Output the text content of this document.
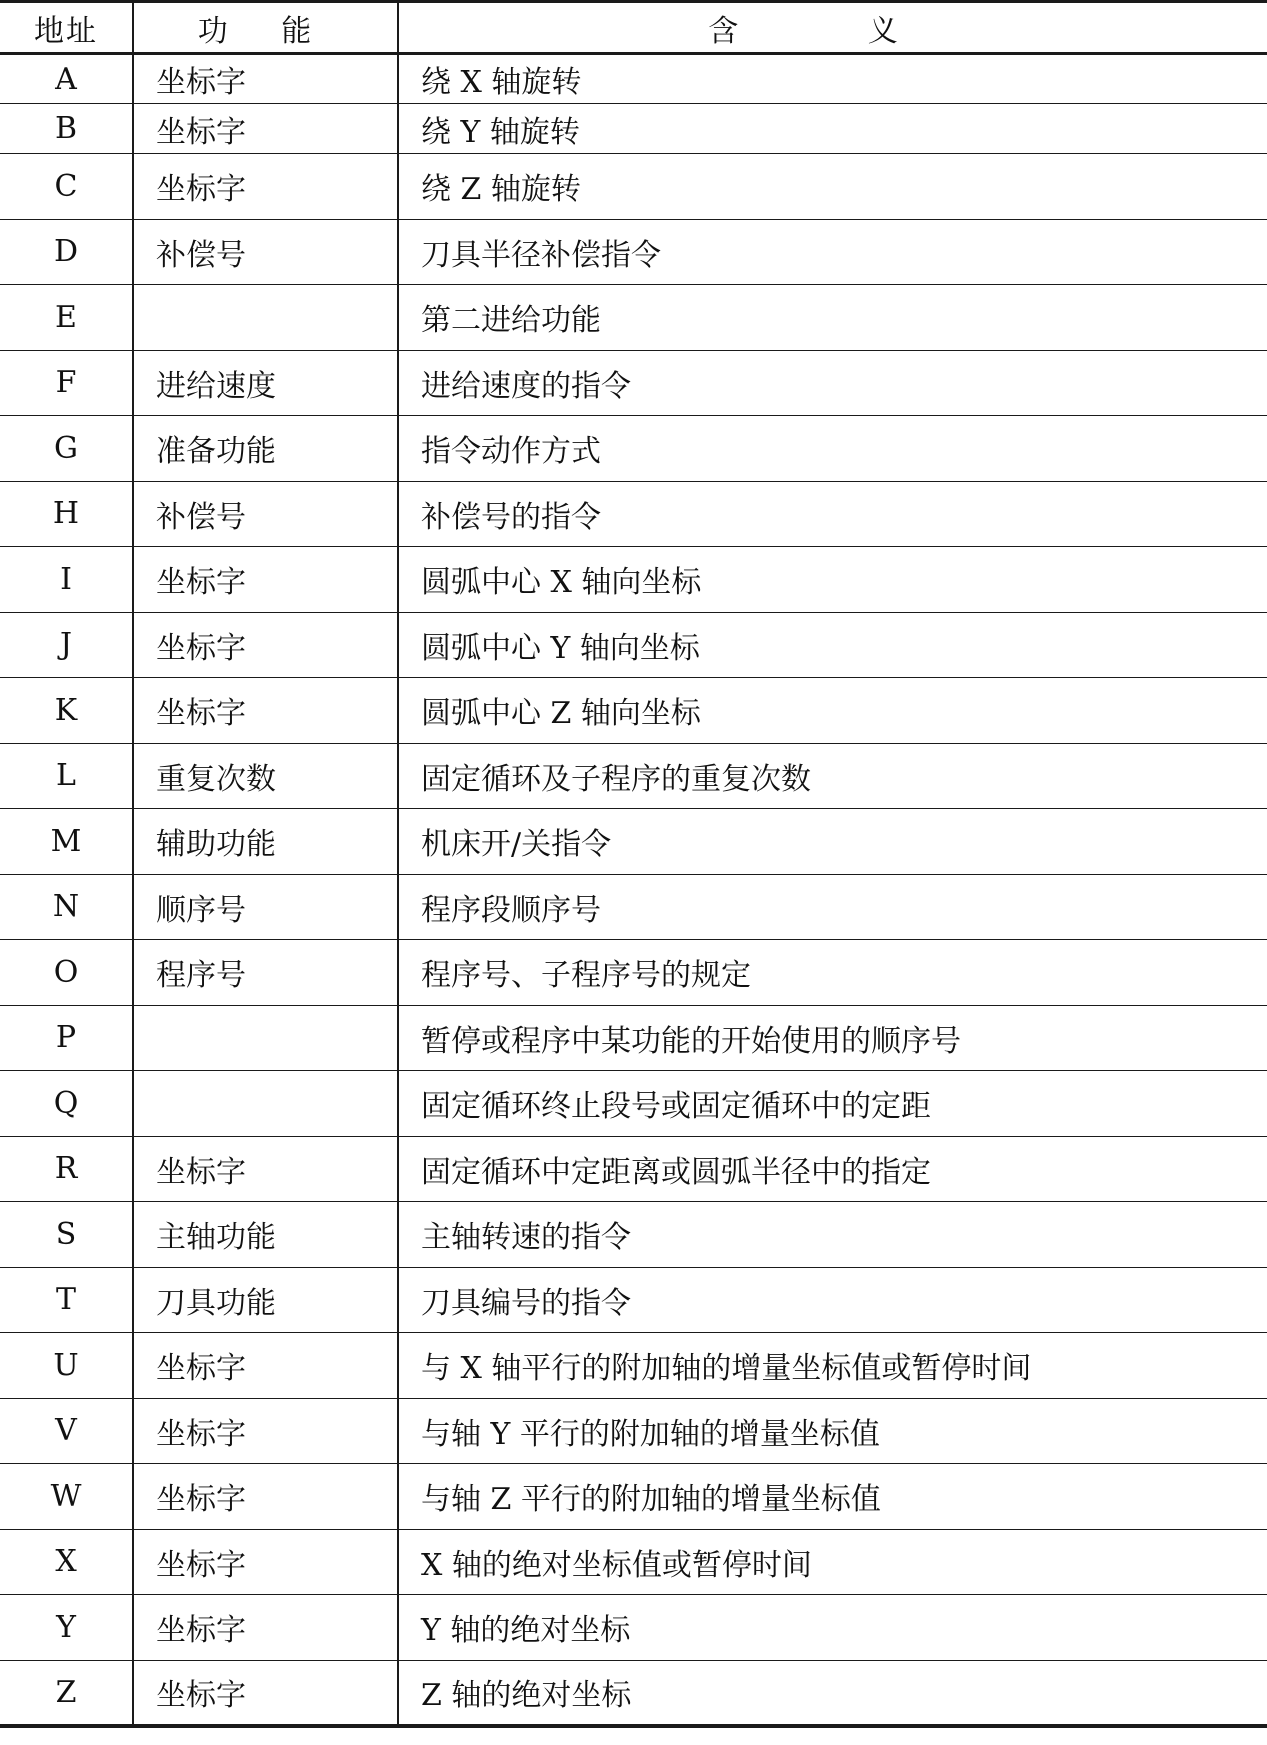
地址	功 能	含 义
A	坐标字	绕 X 轴旋转
B	坐标字	绕 Y 轴旋转
C	坐标字	绕 Z 轴旋转
D	补偿号	刀具半径补偿指令
E		第二进给功能
F	进给速度	进给速度的指令
G	准备功能	指令动作方式
H	补偿号	补偿号的指令
I	坐标字	圆弧中心 X 轴向坐标
J	坐标字	圆弧中心 Y 轴向坐标
K	坐标字	圆弧中心 Z 轴向坐标
L	重复次数	固定循环及子程序的重复次数
M	辅助功能	机床开/关指令
N	顺序号	程序段顺序号
O	程序号	程序号、子程序号的规定
P		暂停或程序中某功能的开始使用的顺序号
Q		固定循环终止段号或固定循环中的定距
R	坐标字	固定循环中定距离或圆弧半径中的指定
S	主轴功能	主轴转速的指令
T	刀具功能	刀具编号的指令
U	坐标字	与 X 轴平行的附加轴的增量坐标值或暂停时间
V	坐标字	与轴 Y 平行的附加轴的增量坐标值
W	坐标字	与轴 Z 平行的附加轴的增量坐标值
X	坐标字	X 轴的绝对坐标值或暂停时间
Y	坐标字	Y 轴的绝对坐标
Z	坐标字	Z 轴的绝对坐标
